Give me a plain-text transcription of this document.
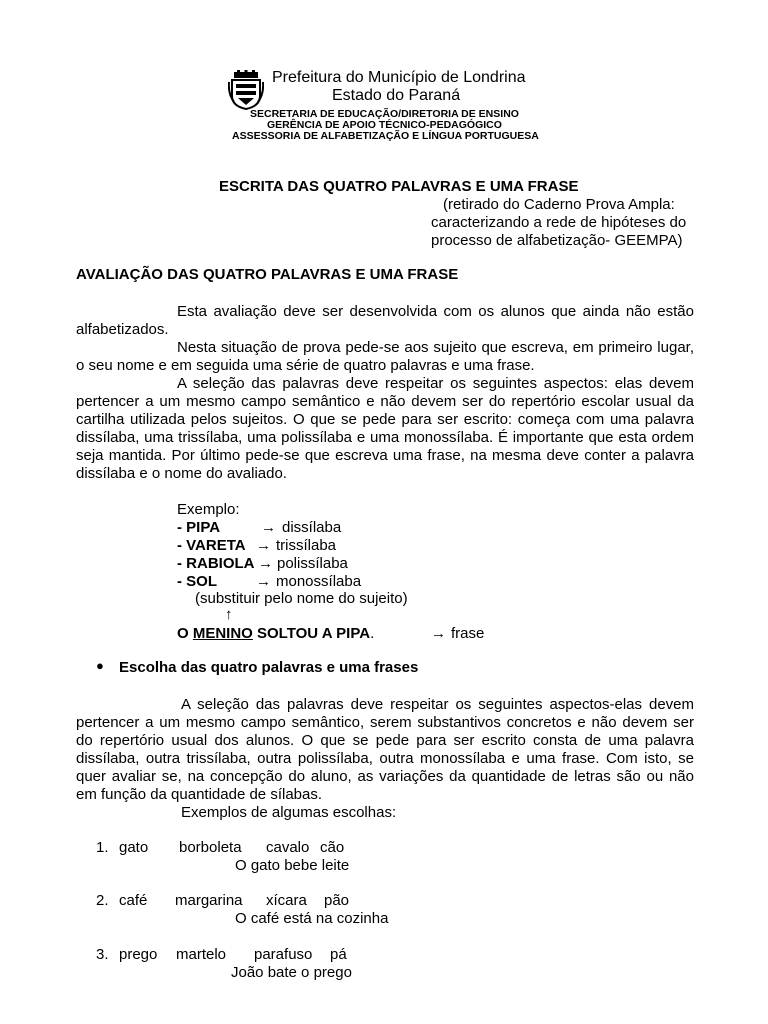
Prefeitura do Município de Londrina
Estado do Paraná
SECRETARIA DE EDUCAÇÃO/DIRETORIA DE ENSINO
GERÊNCIA DE APOIO TÉCNICO-PEDAGÓGICO
ASSESSORIA DE ALFABETIZAÇÃO E LÍNGUA PORTUGUESA
ESCRITA DAS QUATRO PALAVRAS E UMA FRASE
(retirado do Caderno Prova Ampla:
caracterizando a rede de hipóteses do
processo de alfabetização- GEEMPA)
AVALIAÇÃO DAS QUATRO PALAVRAS E UMA FRASE

Esta avaliação deve ser desenvolvida com os alunos que ainda não estão alfabetizados.

Nesta situação de prova pede-se aos sujeito que escreva, em primeiro lugar, o seu nome e em seguida uma série de quatro palavras e uma frase.

A seleção das palavras deve respeitar os seguintes aspectos: elas devem pertencer a um mesmo campo semântico e não devem ser do repertório escolar usual da cartilha utilizada pelos sujeitos. O que se pede para ser escrito: começa com uma palavra dissílaba, uma trissílaba, uma polissílaba e uma monossílaba. É importante que esta ordem seja mantida. Por último pede-se que escreva uma frase, na mesma deve conter a palavra dissílaba e o nome do avaliado.

Exemplo:
- PIPA	→ dissílaba
- VARETA → trissílaba
- RABIOLA → polissílaba
- SOL	→ monossílaba
(substituir pelo nome do sujeito)
↑
O MENINO SOLTOU A PIPA.	→ frase
● Escolha das quatro palavras e uma frases

A seleção das palavras deve respeitar os seguintes aspectos-elas devem pertencer a um mesmo campo semântico, serem substantivos concretos e não devem ser do repertório usual dos alunos. O que se pede para ser escrito consta de uma palavra dissílaba, outra trissílaba, outra polissílaba, outra monossílaba e uma frase. Com isto, se quer avaliar se, na concepção do aluno, as variações da quantidade de letras são ou não em função da quantidade de sílabas.

Exemplos de algumas escolhas:
1. gato borboleta cavalo cão
O gato bebe leite
2. café margarina xícara pão
O café está na cozinha
3. prego martelo parafuso pá
João bate o prego
